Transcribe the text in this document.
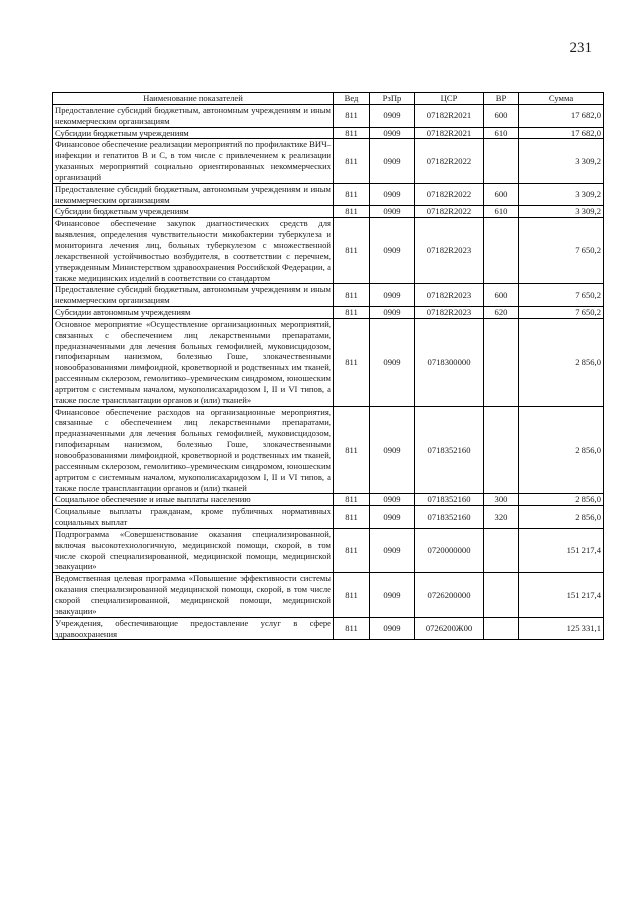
231
Наименование показателей	Вед	РзПр	ЦСР	ВР	Сумма
Предоставление субсидий бюджетным, автономным учреждениям и иным некоммерческим организациям	811	0909	07182R2021	600	17 682,0
Субсидии бюджетным учреждениям	811	0909	07182R2021	610	17 682,0
Финансовое обеспечение реализации мероприятий по профилактике ВИЧ–инфекции и гепатитов В и С, в том числе с привлечением к реализации указанных мероприятий социально ориентированных некоммерческих организаций	811	0909	07182R2022		3 309,2
Предоставление субсидий бюджетным, автономным учреждениям и иным некоммерческим организациям	811	0909	07182R2022	600	3 309,2
Субсидии бюджетным учреждениям	811	0909	07182R2022	610	3 309,2
Финансовое обеспечение закупок диагностических средств для выявления, определения чувствительности микобактерии туберкулеза и мониторинга лечения лиц, больных туберкулезом с множественной лекарственной устойчивостью возбудителя, в соответствии с перечнем, утвержденным Министерством здравоохранения Российской Федерации, а также медицинских изделий в соответствии со стандартом	811	0909	07182R2023		7 650,2
Предоставление субсидий бюджетным, автономным учреждениям и иным некоммерческим организациям	811	0909	07182R2023	600	7 650,2
Субсидии автономным учреждениям	811	0909	07182R2023	620	7 650,2
Основное мероприятие «Осуществление организационных мероприятий, связанных с обеспечением лиц лекарственными препаратами, предназначенными для лечения больных гемофилией, муковисцидозом, гипофизарным нанизмом, болезнью Гоше, злокачественными новообразованиями лимфоидной, кроветворной и родственных им тканей, рассеянным склерозом, гемолитико–уремическим синдромом, юношеским артритом с системным началом, мукополисахаридозом I, II и VI типов, а также после трансплантации органов и (или) тканей»	811	0909	0718300000		2 856,0
Финансовое обеспечение расходов на организационные мероприятия, связанные с обеспечением лиц лекарственными препаратами, предназначенными для лечения больных гемофилией, муковисцидозом, гипофизарным нанизмом, болезнью Гоше, злокачественными новообразованиями лимфоидной, кроветворной и родственных им тканей, рассеянным склерозом, гемолитико–уремическим синдромом, юношеским артритом с системным началом, мукополисахаридозом I, II и VI типов, а также после трансплантации органов и (или) тканей	811	0909	0718352160		2 856,0
Социальное обеспечение и иные выплаты населению	811	0909	0718352160	300	2 856,0
Социальные выплаты гражданам, кроме публичных нормативных социальных выплат	811	0909	0718352160	320	2 856,0
Подпрограмма «Совершенствование оказания специализированной, включая высокотехнологичную, медицинской помощи, скорой, в том числе скорой специализированной, медицинской помощи, медицинской эвакуации»	811	0909	0720000000		151 217,4
Ведомственная целевая программа «Повышение эффективности системы оказания специализированной медицинской помощи, скорой, в том числе скорой специализированной, медицинской помощи, медицинской эвакуации»	811	0909	0726200000		151 217,4
Учреждения, обеспечивающие предоставление услуг в сфере здравоохранения	811	0909	0726200Ж00		125 331,1
